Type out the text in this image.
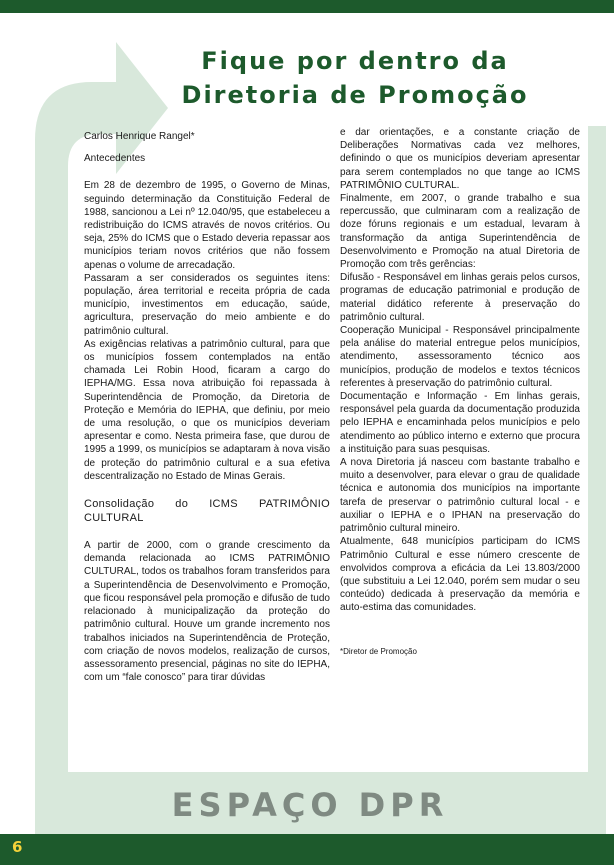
Fique por dentro da
Diretoria de Promoção

Carlos Henrique Rangel*

Antecedentes

Em 28 de dezembro de 1995, o Governo de Minas, seguindo determinação da Constituição Federal de 1988, sancionou a Lei nº 12.040/95, que estabeleceu a redistribuição do ICMS através de novos critérios. Ou seja, 25% do ICMS que o Estado deveria repassar aos municípios teriam novos critérios que não fossem apenas o volume de arrecadação.

Passaram a ser considerados os seguintes itens: população, área territorial e receita própria de cada município, investimentos em educação, saúde, agricultura, preservação do meio ambiente e do patrimônio cultural.

As exigências relativas a patrimônio cultural, para que os municípios fossem contemplados na então chamada Lei Robin Hood, ficaram a cargo do IEPHA/MG. Essa nova atribuição foi repassada à Superintendência de Promoção, da Diretoria de Proteção e Memória do IEPHA, que definiu, por meio de uma resolução, o que os municípios deveriam apresentar e como. Nesta primeira fase, que durou de 1995 a 1999, os municípios se adaptaram à nova visão de proteção do patrimônio cultural e a sua efetiva descentralização no Estado de Minas Gerais.

Consolidação do ICMS PATRIMÔNIO CULTURAL

A partir de 2000, com o grande crescimento da demanda relacionada ao ICMS PATRIMÔNIO CULTURAL, todos os trabalhos foram transferidos para a Superintendência de Desenvolvimento e Promoção, que ficou responsável pela promoção e difusão de tudo relacionado à municipalização da proteção do patrimônio cultural. Houve um grande incremento nos trabalhos iniciados na Superintendência de Proteção, com criação de novos modelos, realização de cursos, assessoramento presencial, páginas no site do IEPHA, com um “fale conosco” para tirar dúvidas

e dar orientações, e a constante criação de Deliberações Normativas cada vez melhores, definindo o que os municípios deveriam apresentar para serem contemplados no que tange ao ICMS PATRIMÔNIO CULTURAL.

Finalmente, em 2007, o grande trabalho e sua repercussão, que culminaram com a realização de doze fóruns regionais e um estadual, levaram à transformação da antiga Superintendência de Desenvolvimento e Promoção na atual Diretoria de Promoção com três gerências:

Difusão - Responsável em linhas gerais pelos cursos, programas de educação patrimonial e produção de material didático referente à preservação do patrimônio cultural.

Cooperação Municipal - Responsável principalmente pela análise do material entregue pelos municípios, atendimento, assessoramento técnico aos municípios, produção de modelos e textos técnicos referentes à preservação do patrimônio cultural.

Documentação e Informação - Em linhas gerais, responsável pela guarda da documentação produzida pelo IEPHA e encaminhada pelos municípios e pelo atendimento ao público interno e externo que procura a instituição para suas pesquisas.

A nova Diretoria já nasceu com bastante trabalho e muito a desenvolver, para elevar o grau de qualidade técnica e autonomia dos municípios na importante tarefa de preservar o patrimônio cultural local - e auxiliar o IEPHA e o IPHAN na preservação do patrimônio cultural mineiro.

Atualmente, 648 municípios participam do ICMS Patrimônio Cultural e esse número crescente de envolvidos comprova a eficácia da Lei 13.803/2000 (que substituiu a Lei 12.040, porém sem mudar o seu conteúdo) dedicada à preservação da memória e auto-estima das comunidades.

*Diretor de Promoção

ESPAÇO DPR
6
